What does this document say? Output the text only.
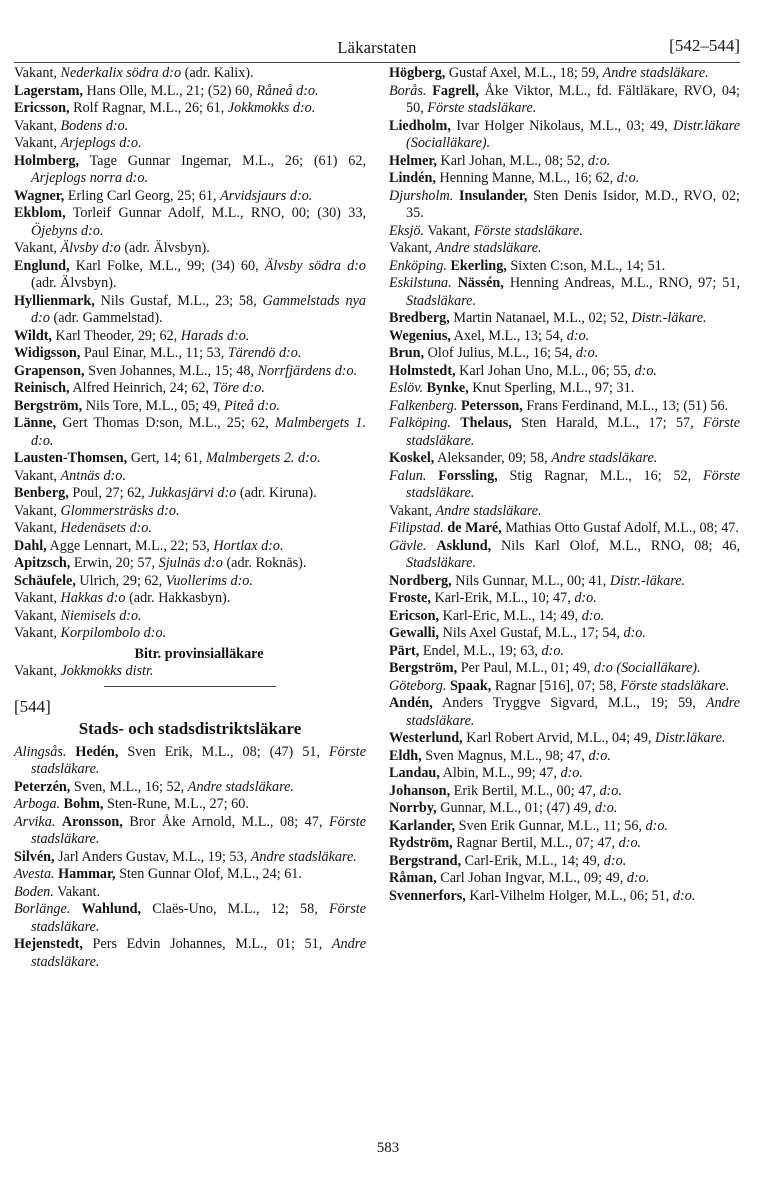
Läkarstaten	[542–544]

Vakant, Nederkalix södra d:o (adr. Kalix).

Lagerstam, Hans Olle, M.L., 21; (52) 60, Råneå d:o.

Ericsson, Rolf Ragnar, M.L., 26; 61, Jokkmokks d:o.

Vakant, Bodens d:o.

Vakant, Arjeplogs d:o.

Holmberg, Tage Gunnar Ingemar, M.L., 26; (61) 62, Arjeplogs norra d:o.

Wagner, Erling Carl Georg, 25; 61, Arvidsjaurs d:o.

Ekblom, Torleif Gunnar Adolf, M.L., RNO, 00; (30) 33, Öjebyns d:o.

Vakant, Älvsby d:o (adr. Älvsbyn).

Englund, Karl Folke, M.L., 99; (34) 60, Älvsby södra d:o (adr. Älvsbyn).

Hyllienmark, Nils Gustaf, M.L., 23; 58, Gammelstads nya d:o (adr. Gammelstad).

Wildt, Karl Theoder, 29; 62, Harads d:o.

Widigsson, Paul Einar, M.L., 11; 53, Tärendö d:o.

Grapenson, Sven Johannes, M.L., 15; 48, Norrfjärdens d:o.

Reinisch, Alfred Heinrich, 24; 62, Töre d:o.

Bergström, Nils Tore, M.L., 05; 49, Piteå d:o.

Länne, Gert Thomas D:son, M.L., 25; 62, Malmbergets 1. d:o.

Lausten-Thomsen, Gert, 14; 61, Malmbergets 2. d:o.

Vakant, Antnäs d:o.

Benberg, Poul, 27; 62, Jukkasjärvi d:o (adr. Kiruna).

Vakant, Glommersträsks d:o.

Vakant, Hedenäsets d:o.

Dahl, Agge Lennart, M.L., 22; 53, Hortlax d:o.

Apitzsch, Erwin, 20; 57, Sjulnäs d:o (adr. Roknäs).

Schäufele, Ulrich, 29; 62, Vuollerims d:o.

Vakant, Hakkas d:o (adr. Hakkasbyn).

Vakant, Niemisels d:o.

Vakant, Korpilombolo d:o.

Bitr. provinsialläkare

Vakant, Jokkmokks distr.

[544]
Stads- och stadsdistriktsläkare

Alingsås. Hedén, Sven Erik, M.L., 08; (47) 51, Förste stadsläkare.

Peterzén, Sven, M.L., 16; 52, Andre stadsläkare.

Arboga. Bohm, Sten-Rune, M.L., 27; 60.

Arvika. Aronsson, Bror Åke Arnold, M.L., 08; 47, Förste stadsläkare.

Silvén, Jarl Anders Gustav, M.L., 19; 53, Andre stadsläkare.

Avesta. Hammar, Sten Gunnar Olof, M.L., 24; 61.

Boden. Vakant.

Borlänge. Wahlund, Claës-Uno, M.L., 12; 58, Förste stadsläkare.

Hejenstedt, Pers Edvin Johannes, M.L., 01; 51, Andre stadsläkare.

Högberg, Gustaf Axel, M.L., 18; 59, Andre stadsläkare.

Borås. Fagrell, Åke Viktor, M.L., fd. Fältläkare, RVO, 04; 50, Förste stadsläkare.

Liedholm, Ivar Holger Nikolaus, M.L., 03; 49, Distr.läkare (Socialläkare).

Helmer, Karl Johan, M.L., 08; 52, d:o.

Lindén, Henning Manne, M.L., 16; 62, d:o.

Djursholm. Insulander, Sten Denis Isidor, M.D., RVO, 02; 35.

Eksjö. Vakant, Förste stadsläkare.

Vakant, Andre stadsläkare.

Enköping. Ekerling, Sixten C:son, M.L., 14; 51.

Eskilstuna. Nässén, Henning Andreas, M.L., RNO, 97; 51, Stadsläkare.

Bredberg, Martin Natanael, M.L., 02; 52, Distr.-läkare.

Wegenius, Axel, M.L., 13; 54, d:o.

Brun, Olof Julius, M.L., 16; 54, d:o.

Holmstedt, Karl Johan Uno, M.L., 06; 55, d:o.

Eslöv. Bynke, Knut Sperling, M.L., 97; 31.

Falkenberg. Petersson, Frans Ferdinand, M.L., 13; (51) 56.

Falköping. Thelaus, Sten Harald, M.L., 17; 57, Förste stadsläkare.

Koskel, Aleksander, 09; 58, Andre stadsläkare.

Falun. Forssling, Stig Ragnar, M.L., 16; 52, Förste stadsläkare.

Vakant, Andre stadsläkare.

Filipstad. de Maré, Mathias Otto Gustaf Adolf, M.L., 08; 47.

Gävle. Asklund, Nils Karl Olof, M.L., RNO, 08; 46, Stadsläkare.

Nordberg, Nils Gunnar, M.L., 00; 41, Distr.-läkare.

Froste, Karl-Erik, M.L., 10; 47, d:o.

Ericson, Karl-Eric, M.L., 14; 49, d:o.

Gewalli, Nils Axel Gustaf, M.L., 17; 54, d:o.

Pärt, Endel, M.L., 19; 63, d:o.

Bergström, Per Paul, M.L., 01; 49, d:o (Socialläkare).

Göteborg. Spaak, Ragnar [516], 07; 58, Förste stadsläkare.

Andén, Anders Tryggve Sigvard, M.L., 19; 59, Andre stadsläkare.

Westerlund, Karl Robert Arvid, M.L., 04; 49, Distr.läkare.

Eldh, Sven Magnus, M.L., 98; 47, d:o.

Landau, Albin, M.L., 99; 47, d:o.

Johanson, Erik Bertil, M.L., 00; 47, d:o.

Norrby, Gunnar, M.L., 01; (47) 49, d:o.

Karlander, Sven Erik Gunnar, M.L., 11; 56, d:o.

Rydström, Ragnar Bertil, M.L., 07; 47, d:o.

Bergstrand, Carl-Erik, M.L., 14; 49, d:o.

Råman, Carl Johan Ingvar, M.L., 09; 49, d:o.

Svennerfors, Karl-Vilhelm Holger, M.L., 06; 51, d:o.

583
